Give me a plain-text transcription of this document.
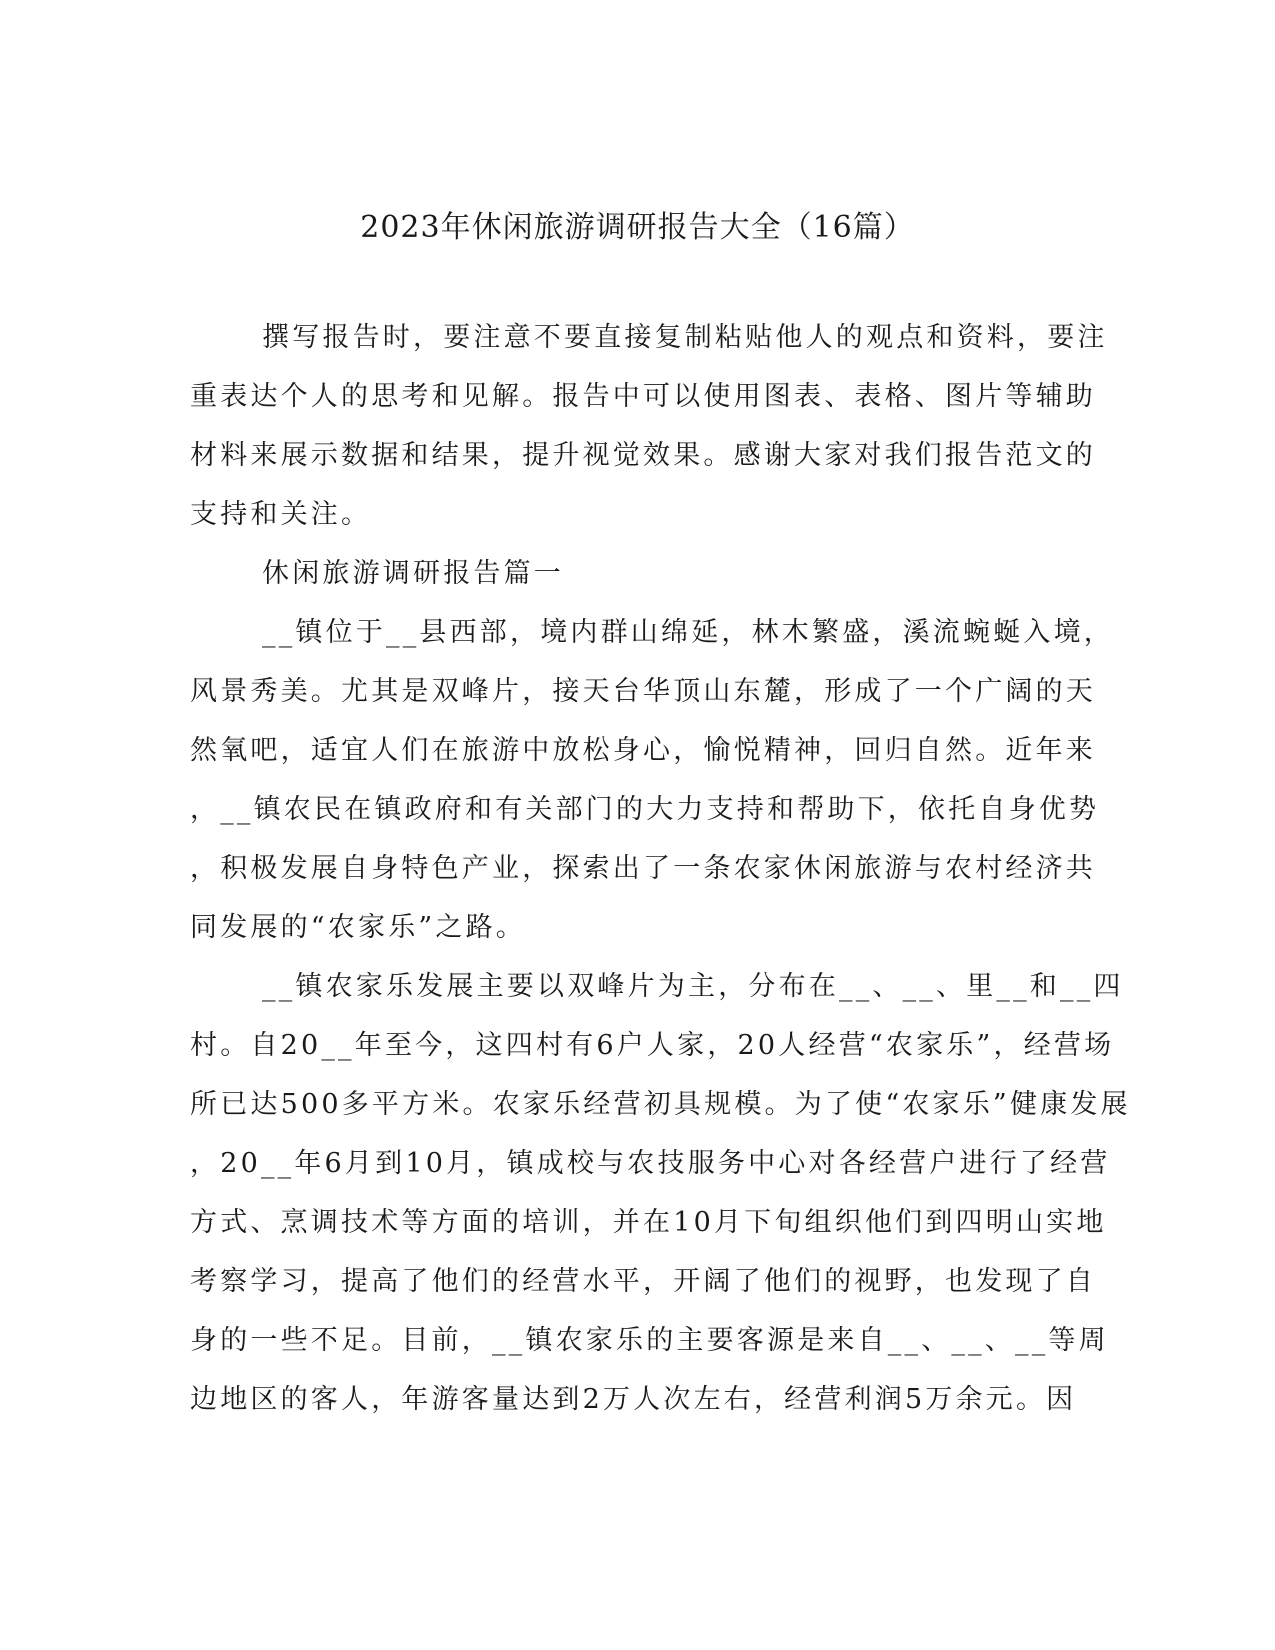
2023年休闲旅游调研报告大全（16篇）
撰写报告时，要注意不要直接复制粘贴他人的观点和资料，要注
重表达个人的思考和见解。报告中可以使用图表、表格、图片等辅助
材料来展示数据和结果，提升视觉效果。感谢大家对我们报告范文的
支持和关注。
休闲旅游调研报告篇一
__镇位于__县西部，境内群山绵延，林木繁盛，溪流蜿蜒入境，
风景秀美。尤其是双峰片，接天台华顶山东麓，形成了一个广阔的天
然氧吧，适宜人们在旅游中放松身心，愉悦精神，回归自然。近年来
，__镇农民在镇政府和有关部门的大力支持和帮助下，依托自身优势
，积极发展自身特色产业，探索出了一条农家休闲旅游与农村经济共
同发展的“农家乐”之路。
__镇农家乐发展主要以双峰片为主，分布在__、__、里__和__四
村。自20__年至今，这四村有6户人家，20人经营“农家乐”，经营场
所已达500多平方米。农家乐经营初具规模。为了使“农家乐”健康发展
，20__年6月到10月，镇成校与农技服务中心对各经营户进行了经营
方式、烹调技术等方面的培训，并在10月下旬组织他们到四明山实地
考察学习，提高了他们的经营水平，开阔了他们的视野，也发现了自
身的一些不足。目前，__镇农家乐的主要客源是来自__、__、__等周
边地区的客人，年游客量达到2万人次左右，经营利润5万余元。因
